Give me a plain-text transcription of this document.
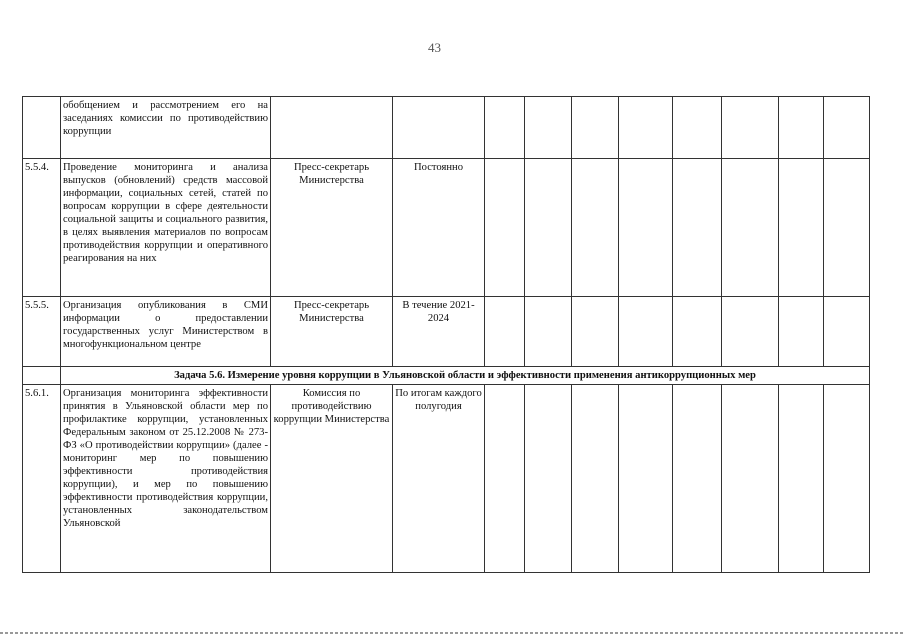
43
	обобщением и рассмотрением его на заседаниях комиссии по противодействию коррупции										
5.5.4.	Проведение мониторинга и анализа выпусков (обновлений) средств массовой информации, социальных сетей, статей по вопросам коррупции в сфере деятельности социальной защиты и социального развития, в целях выявления материалов по вопросам противодействия коррупции и оперативного реагирования на них	Пресс-секретарь Министерства	Постоянно								
5.5.5.	Организация опубликования в СМИ информации о предоставлении государственных услуг Министерством в многофункциональном центре	Пресс-секретарь Министерства	В течение 2021-2024								
	Задача 5.6. Измерение уровня коррупции в Ульяновской области и эффективности применения антикоррупционных мер										
5.6.1.	Организация мониторинга эффективности принятия в Ульяновской области мер по профилактике коррупции, установленных Федеральным законом от 25.12.2008 № 273-ФЗ «О противодействии коррупции» (далее - мониторинг мер по повышению эффективности противодействия коррупции), и мер по повышению эффективности противодействия коррупции, установленных законодательством Ульяновской	Комиссия по противодействию коррупции Министерства	По итогам каждого полугодия								
